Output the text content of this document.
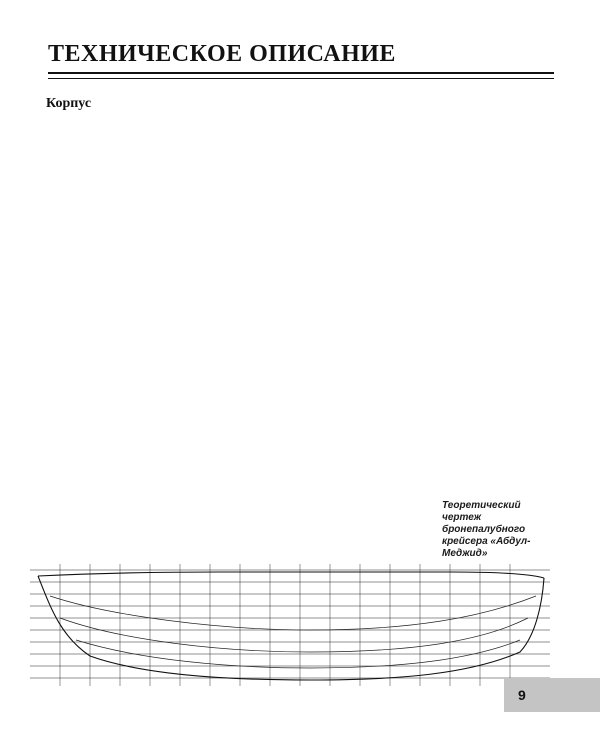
ТЕХНИЧЕСКОЕ ОПИСАНИЕ

Корпус

Теоретический чертеж бронепалубного крейсера «Абдул-Меджид»
9
